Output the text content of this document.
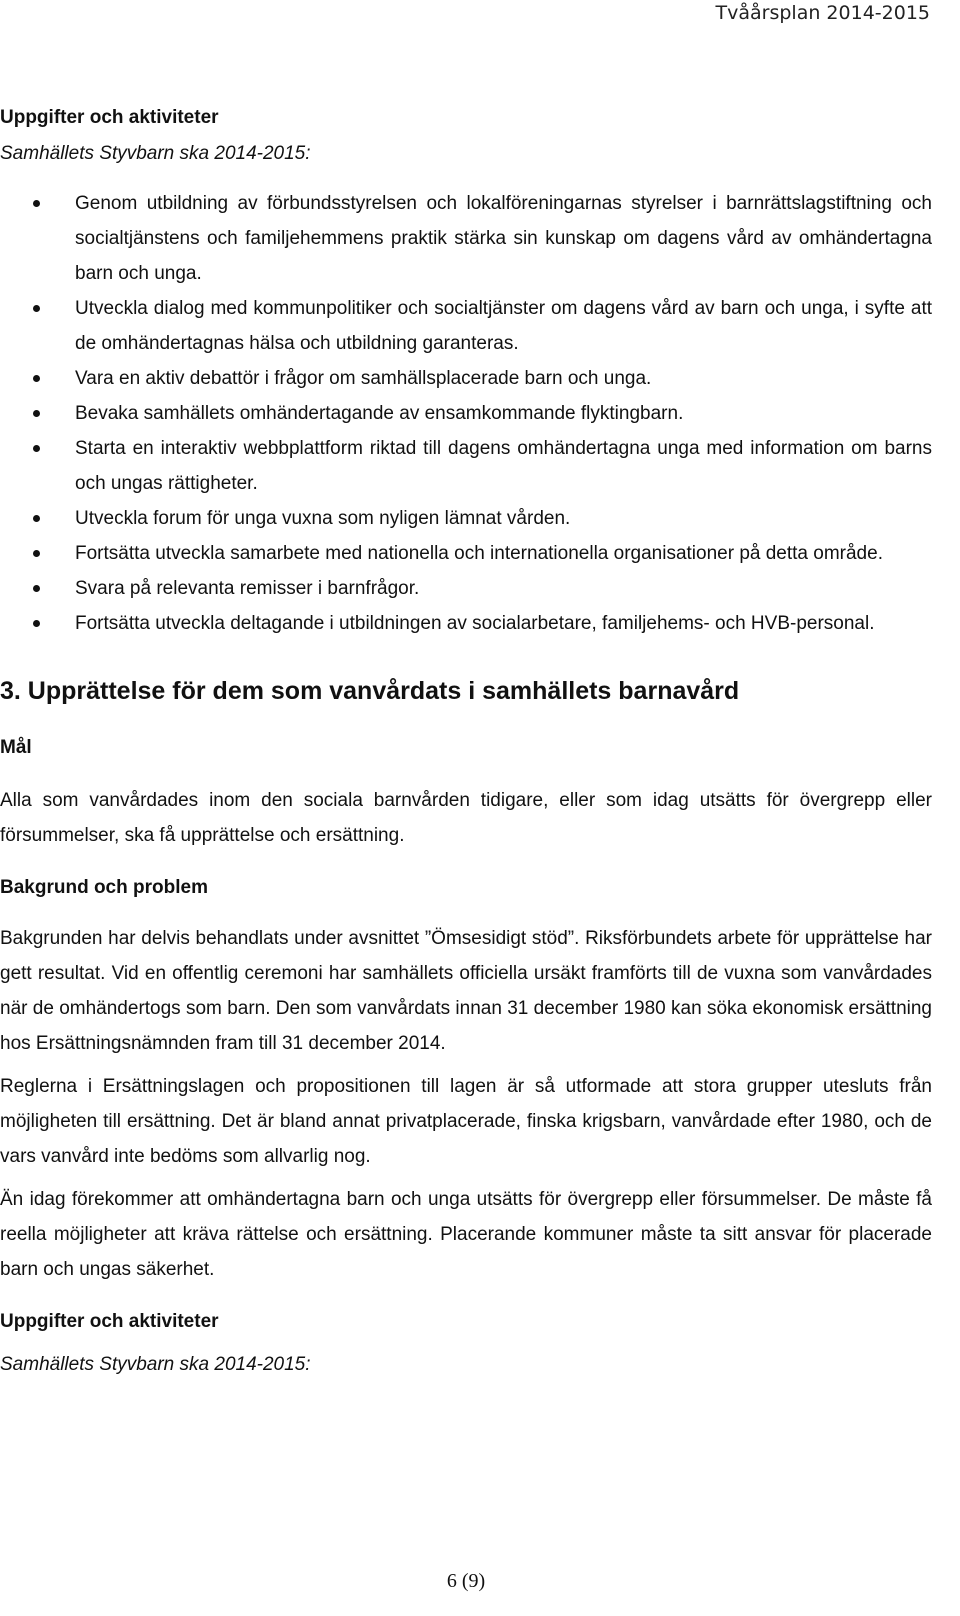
Tvåårsplan 2014-2015
Uppgifter och aktiviteter

Samhällets Styvbarn ska 2014-2015:

Genom utbildning av förbundsstyrelsen och lokalföreningarnas styrelser i barnrättslagstiftning och socialtjänstens och familjehemmens praktik stärka sin kunskap om dagens vård av omhändertagna barn och unga.
Utveckla dialog med kommunpolitiker och socialtjänster om dagens vård av barn och unga, i syfte att de omhändertagnas hälsa och utbildning garanteras.
Vara en aktiv debattör i frågor om samhällsplacerade barn och unga.
Bevaka samhällets omhändertagande av ensamkommande flyktingbarn.
Starta en interaktiv webbplattform riktad till dagens omhändertagna unga med information om barns och ungas rättigheter.
Utveckla forum för unga vuxna som nyligen lämnat vården.
Fortsätta utveckla samarbete med nationella och internationella organisationer på detta område.
Svara på relevanta remisser i barnfrågor.
Fortsätta utveckla deltagande i utbildningen av socialarbetare, familjehems- och HVB-personal.
3. Upprättelse för dem som vanvårdats i samhällets barnavård
Mål

Alla som vanvårdades inom den sociala barnvården tidigare, eller som idag utsätts för övergrepp eller försummelser, ska få upprättelse och ersättning.

Bakgrund och problem

Bakgrunden har delvis behandlats under avsnittet ”Ömsesidigt stöd”. Riksförbundets arbete för upprättelse har gett resultat. Vid en offentlig ceremoni har samhällets officiella ursäkt framförts till de vuxna som vanvårdades när de omhändertogs som barn. Den som vanvårdats innan 31 december 1980 kan söka ekonomisk ersättning hos Ersättningsnämnden fram till 31 december 2014.

Reglerna i Ersättningslagen och propositionen till lagen är så utformade att stora grupper utesluts från möjligheten till ersättning. Det är bland annat privatplacerade, finska krigsbarn, vanvårdade efter 1980, och de vars vanvård inte bedöms som allvarlig nog.

Än idag förekommer att omhändertagna barn och unga utsätts för övergrepp eller försummelser. De måste få reella möjligheter att kräva rättelse och ersättning. Placerande kommuner måste ta sitt ansvar för placerade barn och ungas säkerhet.

Uppgifter och aktiviteter

Samhällets Styvbarn ska 2014-2015:

6 (9)
